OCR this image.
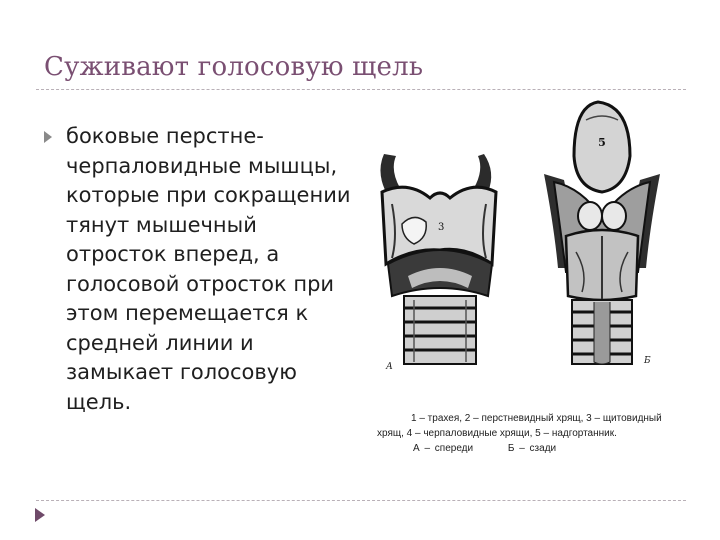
Суживают голосовую щель
боковые перстне-черпаловидные мышцы, которые при сокращении тянут мышечный отросток вперед, а голосовой отросток при этом перемещается к средней линии и замыкает голосовую щель.
3
5
А
Б
1 – трахея, 2 – перстневидный хрящ, 3 – щитовидный хрящ, 4 – черпаловидные хрящи, 5 – надгортанник.
А – спереди	Б – сзади
